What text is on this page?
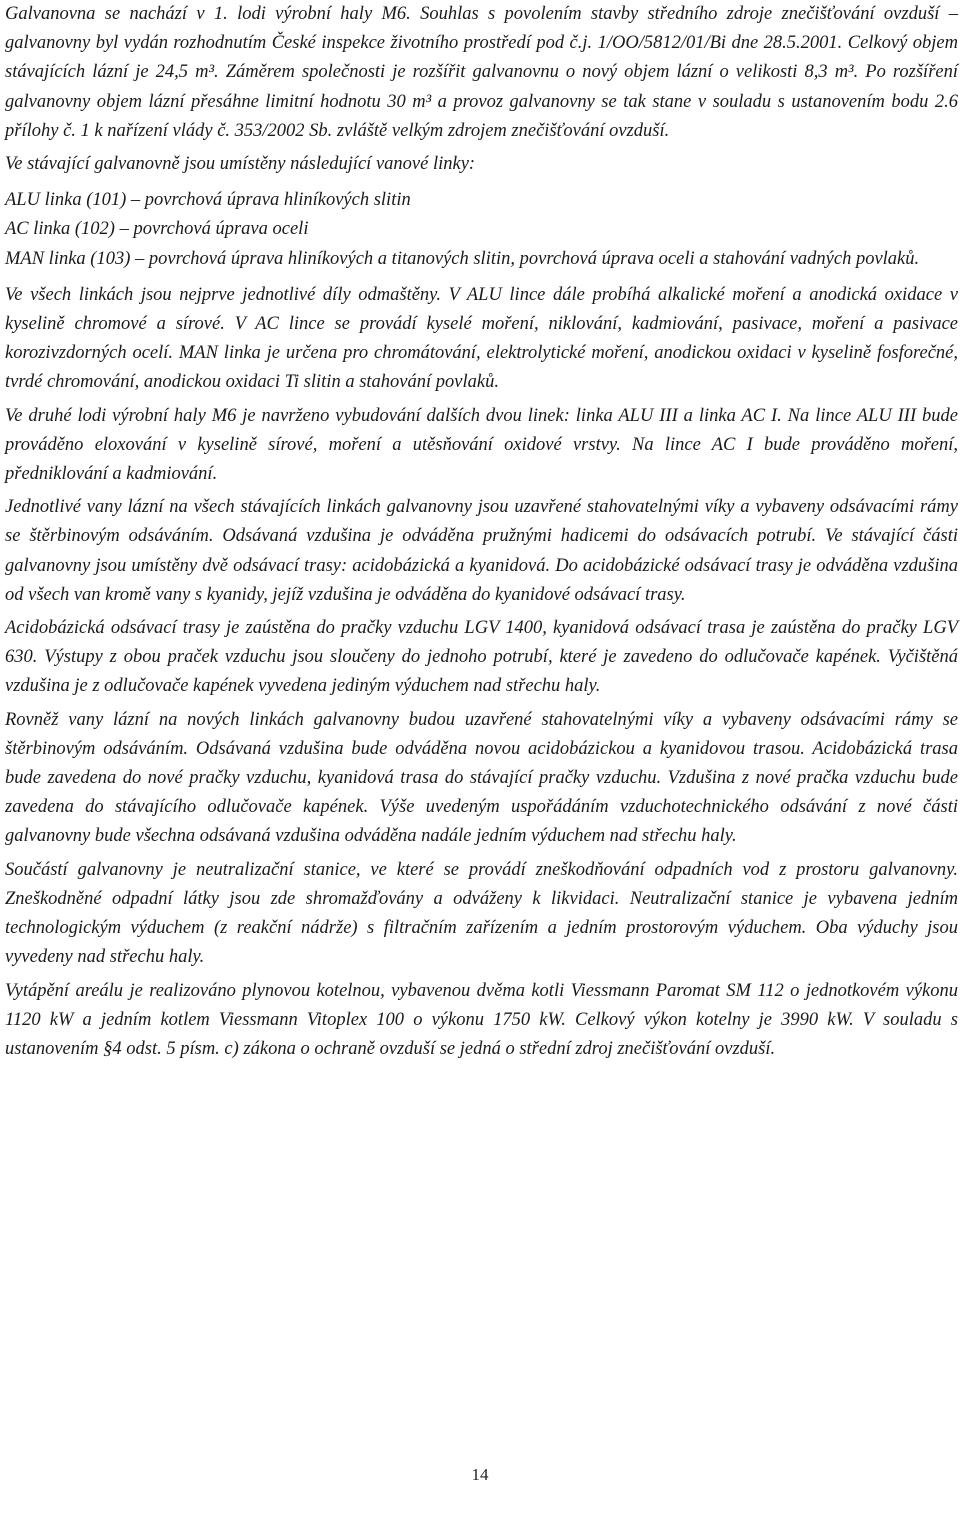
Galvanovna se nachází v 1. lodi výrobní haly M6. Souhlas s povolením stavby středního zdroje znečišťování ovzduší – galvanovny byl vydán rozhodnutím České inspekce životního prostředí pod č.j. 1/OO/5812/01/Bi dne 28.5.2001. Celkový objem stávajících lázní je 24,5 m³. Záměrem společnosti je rozšířit galvanovnu o nový objem lázní o velikosti 8,3 m³. Po rozšíření galvanovny objem lázní přesáhne limitní hodnotu 30 m³ a provoz galvanovny se tak stane v souladu s ustanovením bodu 2.6 přílohy č. 1 k nařízení vlády č. 353/2002 Sb. zvláště velkým zdrojem znečišťování ovzduší.

Ve stávající galvanovně jsou umístěny následující vanové linky:

ALU linka (101) – povrchová úprava hliníkových slitin

AC linka (102) – povrchová úprava oceli

MAN linka (103) – povrchová úprava hliníkových a titanových slitin, povrchová úprava oceli a stahování vadných povlaků.

Ve všech linkách jsou nejprve jednotlivé díly odmaštěny. V ALU lince dále probíhá alkalické moření a anodická oxidace v kyselině chromové a sírové. V AC lince se provádí kyselé moření, niklování, kadmiování, pasivace, moření a pasivace korozivzdorných ocelí. MAN linka je určena pro chromátování, elektrolytické moření, anodickou oxidaci v kyselině fosforečné, tvrdé chromování, anodickou oxidaci Ti slitin a stahování povlaků.

Ve druhé lodi výrobní haly M6 je navrženo vybudování dalších dvou linek: linka ALU III a linka AC I. Na lince ALU III bude prováděno eloxování v kyselině sírové, moření a utěsňování oxidové vrstvy. Na lince AC I bude prováděno moření, předniklování a kadmiování.

Jednotlivé vany lázní na všech stávajících linkách galvanovny jsou uzavřené stahovatelnými víky a vybaveny odsávacími rámy se štěrbinovým odsáváním. Odsávaná vzdušina je odváděna pružnými hadicemi do odsávacích potrubí. Ve stávající části galvanovny jsou umístěny dvě odsávací trasy: acidobázická a kyanidová. Do acidobázické odsávací trasy je odváděna vzdušina od všech van kromě vany s kyanidy, jejíž vzdušina je odváděna do kyanidové odsávací trasy.

Acidobázická odsávací trasy je zaústěna do pračky vzduchu LGV 1400, kyanidová odsávací trasa je zaústěna do pračky LGV 630. Výstupy z obou praček vzduchu jsou sloučeny do jednoho potrubí, které je zavedeno do odlučovače kapének. Vyčištěná vzdušina je z odlučovače kapének vyvedena jediným výduchem nad střechu haly.

Rovněž vany lázní na nových linkách galvanovny budou uzavřené stahovatelnými víky a vybaveny odsávacími rámy se štěrbinovým odsáváním. Odsávaná vzdušina bude odváděna novou acidobázickou a kyanidovou trasou. Acidobázická trasa bude zavedena do nové pračky vzduchu, kyanidová trasa do stávající pračky vzduchu. Vzdušina z nové pračka vzduchu bude zavedena do stávajícího odlučovače kapének. Výše uvedeným uspořádáním vzduchotechnického odsávání z nové části galvanovny bude všechna odsávaná vzdušina odváděna nadále jedním výduchem nad střechu haly.

Součástí galvanovny je neutralizační stanice, ve které se provádí zneškodňování odpadních vod z prostoru galvanovny. Zneškodněné odpadní látky jsou zde shromažďovány a odváženy k likvidaci. Neutralizační stanice je vybavena jedním technologickým výduchem (z reakční nádrže) s filtračním zařízením a jedním prostorovým výduchem. Oba výduchy jsou vyvedeny nad střechu haly.

Vytápění areálu je realizováno plynovou kotelnou, vybavenou dvěma kotli Viessmann Paromat SM 112 o jednotkovém výkonu 1120 kW a jedním kotlem Viessmann Vitoplex 100 o výkonu 1750 kW. Celkový výkon kotelny je 3990 kW. V souladu s ustanovením §4 odst. 5 písm. c) zákona o ochraně ovzduší se jedná o střední zdroj znečišťování ovzduší.

14
